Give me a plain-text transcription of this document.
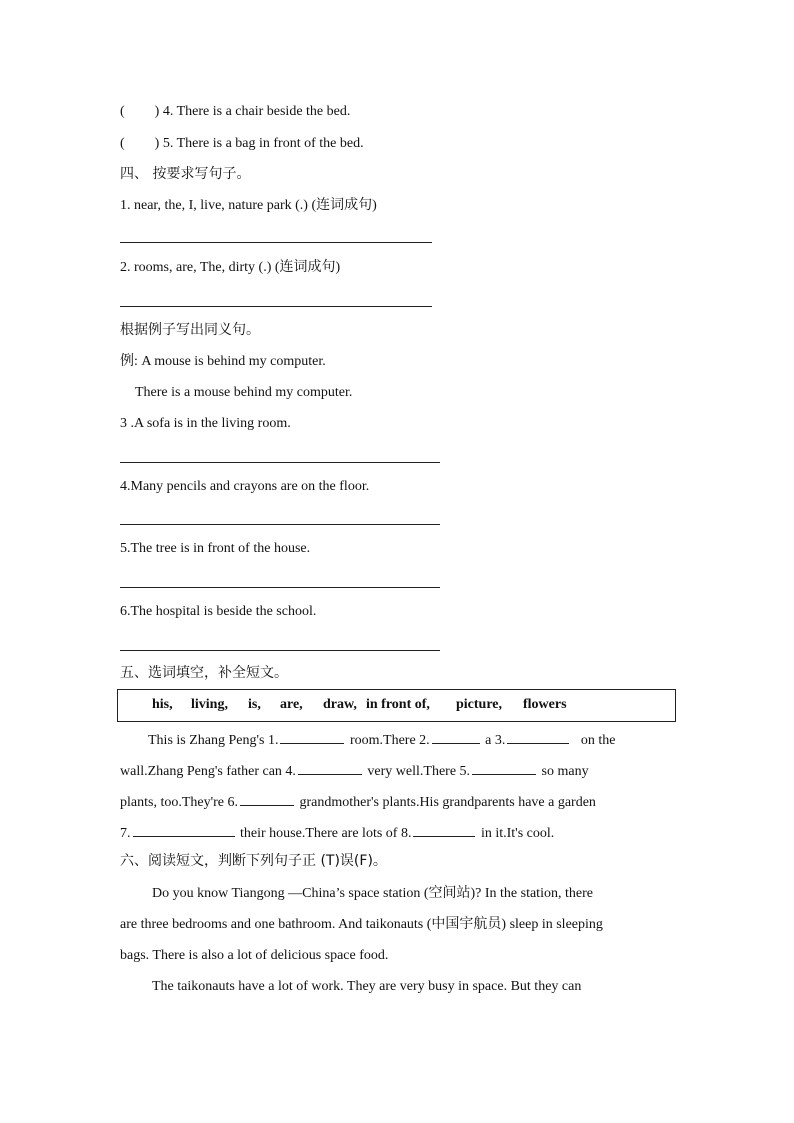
( ) 4. There is a chair beside the bed.
( ) 5. There is a bag in front of the bed.
四、 按要求写句子。
1. near, the, I, live, nature park (.) (连词成句)
2. rooms, are, The, dirty (.) (连词成句)
根据例子写出同义句。
例: A mouse is behind my computer.
There is a mouse behind my computer.
3 .A sofa is in the living room.
4.Many pencils and crayons are on the floor.
5.The tree is in front of the house.
6.The hospital is beside the school.
五、选词填空，补全短文。
his, living, is, are, draw, in front of, picture, flowers
This is Zhang Peng's 1.	room.There 2.	a 3.	on the
wall.Zhang Peng's father can 4.	very well.There 5.	so many
plants, too.They're 6.	grandmother's plants.His grandparents have a garden
7.	their house.There are lots of 8.	in it.It's cool.
六、阅读短文，判断下列句子正 (T)误(F)。
Do you know Tiangong —China’s space station (空间站)? In the station, there
are three bedrooms and one bathroom. And taikonauts (中国宇航员) sleep in sleeping
bags. There is also a lot of delicious space food.
The taikonauts have a lot of work. They are very busy in space. But they can
